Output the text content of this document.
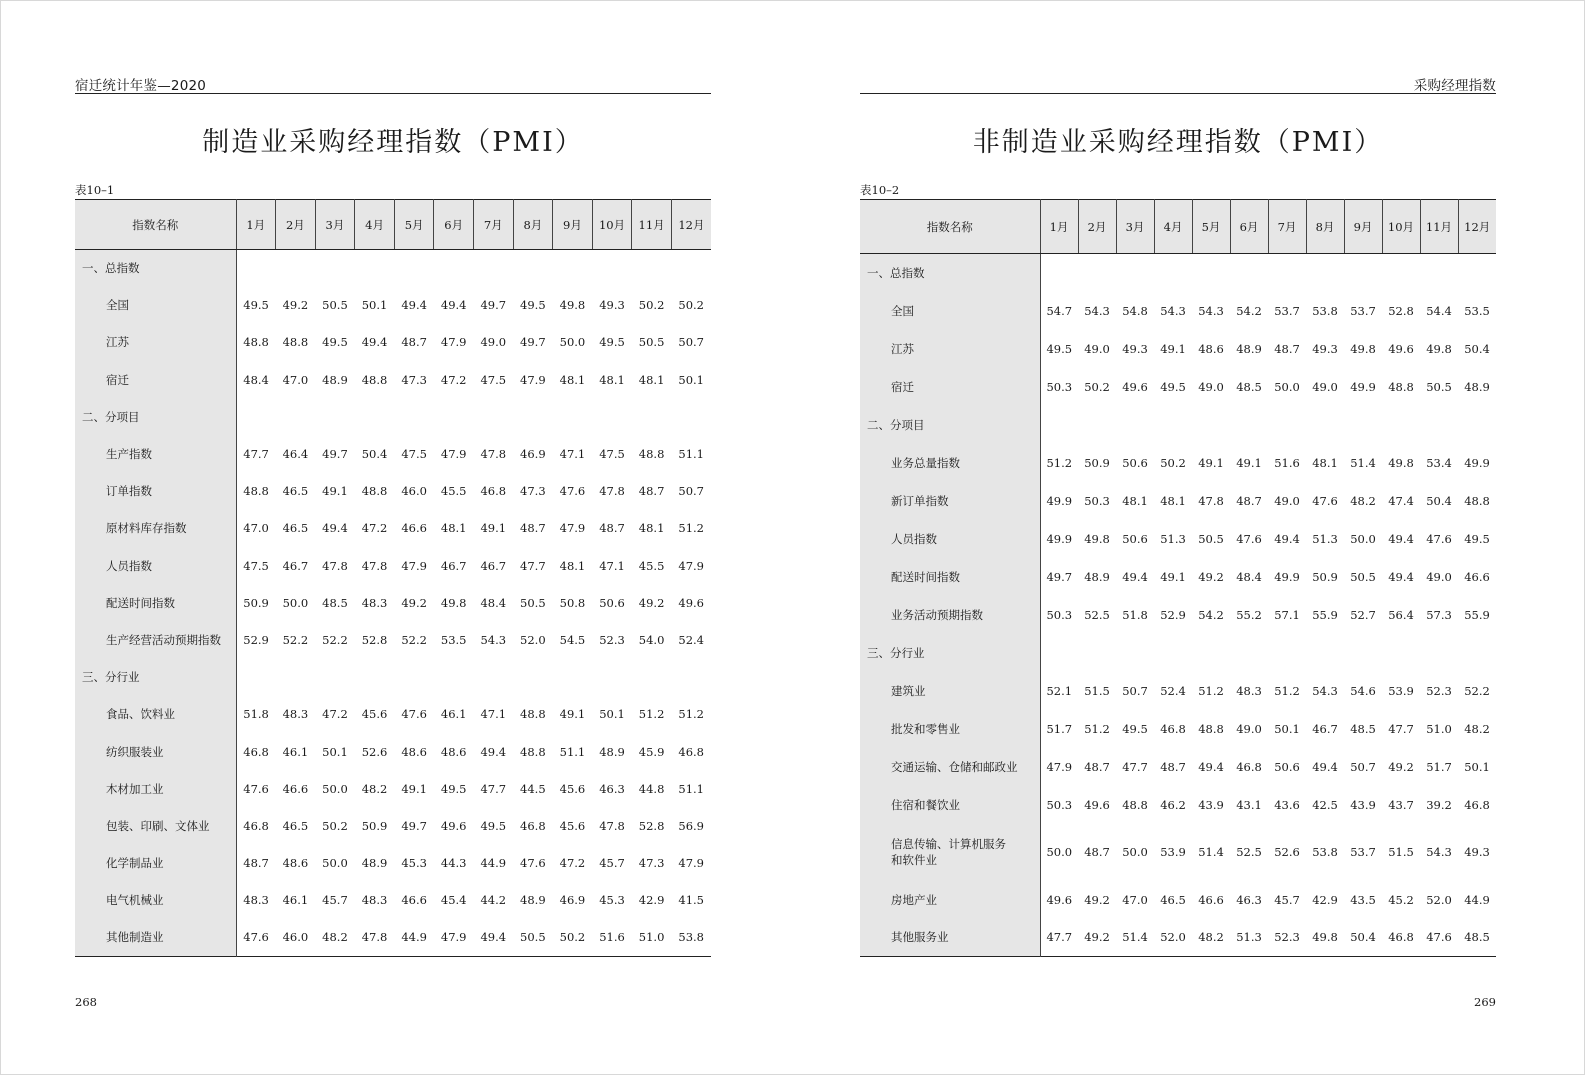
宿迁统计年鉴—2020
制造业采购经理指数（PMI）
表10–1
指数名称	1月	2月	3月	4月	5月	6月	7月	8月	9月	10月	11月	12月
一、总指数												
全国	49.5	49.2	50.5	50.1	49.4	49.4	49.7	49.5	49.8	49.3	50.2	50.2
江苏	48.8	48.8	49.5	49.4	48.7	47.9	49.0	49.7	50.0	49.5	50.5	50.7
宿迁	48.4	47.0	48.9	48.8	47.3	47.2	47.5	47.9	48.1	48.1	48.1	50.1
二、分项目												
生产指数	47.7	46.4	49.7	50.4	47.5	47.9	47.8	46.9	47.1	47.5	48.8	51.1
订单指数	48.8	46.5	49.1	48.8	46.0	45.5	46.8	47.3	47.6	47.8	48.7	50.7
原材料库存指数	47.0	46.5	49.4	47.2	46.6	48.1	49.1	48.7	47.9	48.7	48.1	51.2
人员指数	47.5	46.7	47.8	47.8	47.9	46.7	46.7	47.7	48.1	47.1	45.5	47.9
配送时间指数	50.9	50.0	48.5	48.3	49.2	49.8	48.4	50.5	50.8	50.6	49.2	49.6
生产经营活动预期指数	52.9	52.2	52.2	52.8	52.2	53.5	54.3	52.0	54.5	52.3	54.0	52.4
三、分行业												
食品、饮料业	51.8	48.3	47.2	45.6	47.6	46.1	47.1	48.8	49.1	50.1	51.2	51.2
纺织服装业	46.8	46.1	50.1	52.6	48.6	48.6	49.4	48.8	51.1	48.9	45.9	46.8
木材加工业	47.6	46.6	50.0	48.2	49.1	49.5	47.7	44.5	45.6	46.3	44.8	51.1
包装、印刷、文体业	46.8	46.5	50.2	50.9	49.7	49.6	49.5	46.8	45.6	47.8	52.8	56.9
化学制品业	48.7	48.6	50.0	48.9	45.3	44.3	44.9	47.6	47.2	45.7	47.3	47.9
电气机械业	48.3	46.1	45.7	48.3	46.6	45.4	44.2	48.9	46.9	45.3	42.9	41.5
其他制造业	47.6	46.0	48.2	47.8	44.9	47.9	49.4	50.5	50.2	51.6	51.0	53.8
268
采购经理指数
非制造业采购经理指数（PMI）
表10–2
指数名称	1月	2月	3月	4月	5月	6月	7月	8月	9月	10月	11月	12月
一、总指数												
全国	54.7	54.3	54.8	54.3	54.3	54.2	53.7	53.8	53.7	52.8	54.4	53.5
江苏	49.5	49.0	49.3	49.1	48.6	48.9	48.7	49.3	49.8	49.6	49.8	50.4
宿迁	50.3	50.2	49.6	49.5	49.0	48.5	50.0	49.0	49.9	48.8	50.5	48.9
二、分项目												
业务总量指数	51.2	50.9	50.6	50.2	49.1	49.1	51.6	48.1	51.4	49.8	53.4	49.9
新订单指数	49.9	50.3	48.1	48.1	47.8	48.7	49.0	47.6	48.2	47.4	50.4	48.8
人员指数	49.9	49.8	50.6	51.3	50.5	47.6	49.4	51.3	50.0	49.4	47.6	49.5
配送时间指数	49.7	48.9	49.4	49.1	49.2	48.4	49.9	50.9	50.5	49.4	49.0	46.6
业务活动预期指数	50.3	52.5	51.8	52.9	54.2	55.2	57.1	55.9	52.7	56.4	57.3	55.9
三、分行业												
建筑业	52.1	51.5	50.7	52.4	51.2	48.3	51.2	54.3	54.6	53.9	52.3	52.2
批发和零售业	51.7	51.2	49.5	46.8	48.8	49.0	50.1	46.7	48.5	47.7	51.0	48.2
交通运输、仓储和邮政业	47.9	48.7	47.7	48.7	49.4	46.8	50.6	49.4	50.7	49.2	51.7	50.1
住宿和餐饮业	50.3	49.6	48.8	46.2	43.9	43.1	43.6	42.5	43.9	43.7	39.2	46.8
信息传输、计算机服务
和软件业	50.0	48.7	50.0	53.9	51.4	52.5	52.6	53.8	53.7	51.5	54.3	49.3
房地产业	49.6	49.2	47.0	46.5	46.6	46.3	45.7	42.9	43.5	45.2	52.0	44.9
其他服务业	47.7	49.2	51.4	52.0	48.2	51.3	52.3	49.8	50.4	46.8	47.6	48.5
269
